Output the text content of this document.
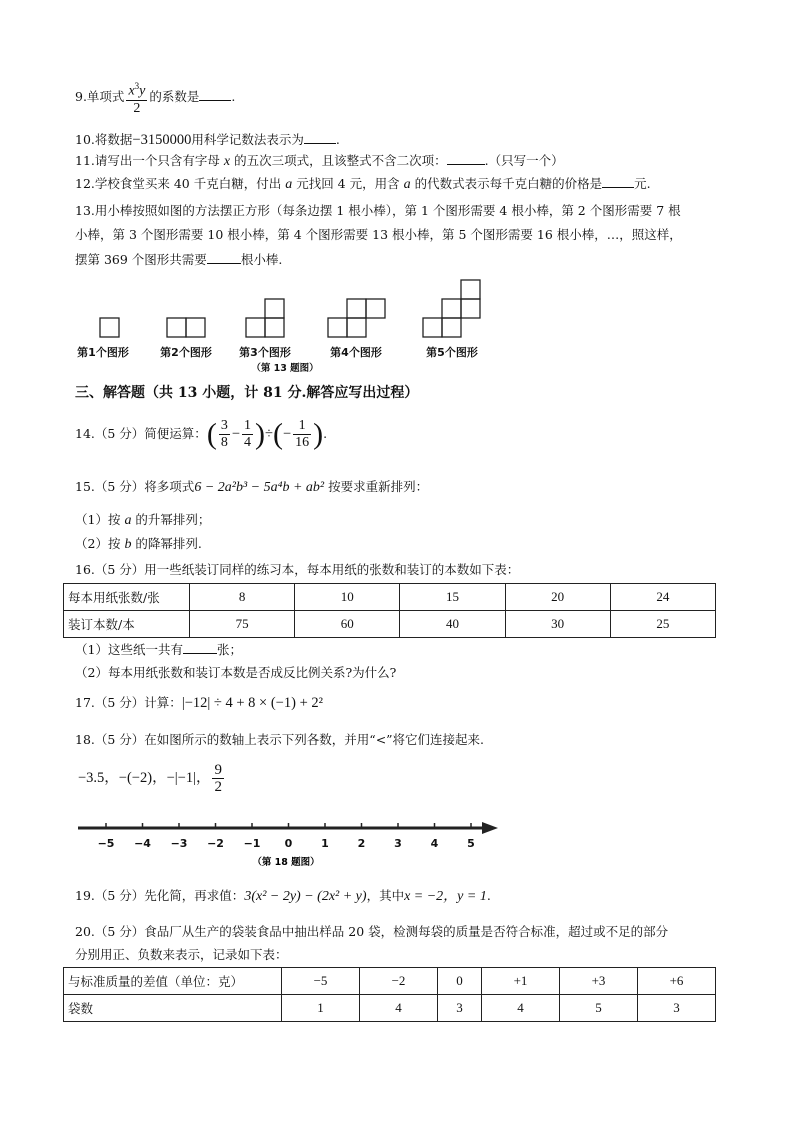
9.单项式 $\frac{x^3y}{2}$ 的系数是	.
10.将数据−3150000用科学记数法表示为	.
11.请写出一个只含有字母 x 的五次三项式，且该整式不含二次项：	.（只写一个）
12.学校食堂买来 40 千克白糖，付出 a 元找回 4 元，用含 a 的代数式表示每千克白糖的价格是	元.
13.用小棒按照如图的方法摆正方形（每条边摆 1 根小棒），第 1 个图形需要 4 根小棒，第 2 个图形需要 7 根
小棒，第 3 个图形需要 10 根小棒，第 4 个图形需要 13 根小棒，第 5 个图形需要 16 根小棒，…，照这样，
摆第 369 个图形共需要	根小棒.
第1个图形	第2个图形 第3个图形	第4个图形	第5个图形
（第 13 题图）
三、解答题（共 13 小题，计 81 分.解答应写出过程）
14.（5 分）简便运算：( $\frac{3}{8} - \frac{1}{4}$ )÷(− $\frac{1}{16}$ ).
15.（5 分）将多项式6 − 2a²b³ − 5a⁴b + ab² 按要求重新排列：
（1）按 a 的升幂排列；
（2）按 b 的降幂排列.
16.（5 分）用一些纸装订同样的练习本，每本用纸的张数和装订的本数如下表：
每本用纸张数/张	8	10	15	20	24
装订本数/本	75	60	40	30	25
（1）这些纸一共有	张；
（2）每本用纸张数和装订本数是否成反比例关系?为什么?
17.（5 分）计算：|−12| ÷ 4 + 8 × (−1) + 2²
18.（5 分）在如图所示的数轴上表示下列各数，并用“<”将它们连接起来.
−3.5，−(−2)，−|−1|， $\frac{9}{2}$
−5 −4 −3 −2 −1 0	1	2	3	4	5
（第 18 题图）
19.（5 分）先化简，再求值：3(x² − 2y) − (2x² + y)，其中x = −2，y = 1.
20.（5 分）食品厂从生产的袋装食品中抽出样品 20 袋，检测每袋的质量是否符合标准，超过或不足的部分
分别用正、负数来表示，记录如下表：
与标准质量的差值（单位：克）	−5	−2	0	+1	+3	+6
袋数	1	4	3	4	5	3
